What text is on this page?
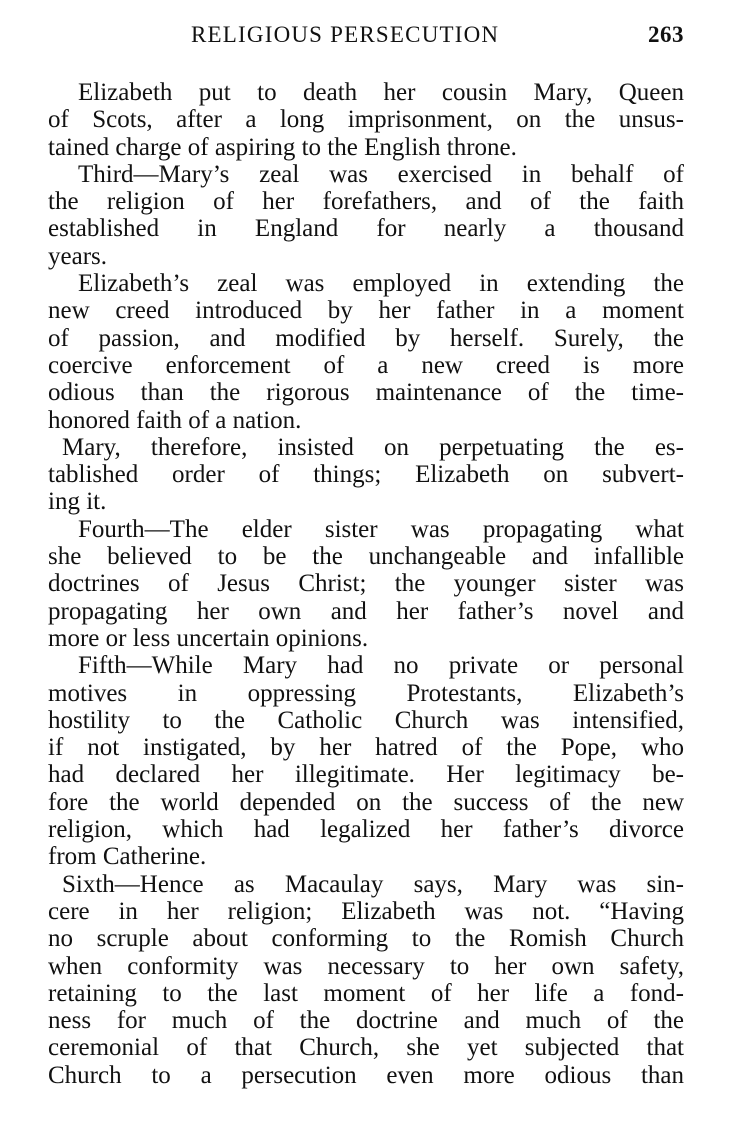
RELIGIOUS PERSECUTION	263
Elizabeth put to death her cousin Mary, Queen
of Scots, after a long imprisonment, on the unsus-
tained charge of aspiring to the English throne.
Third—Mary’s zeal was exercised in behalf of
the religion of her forefathers, and of the faith
established in England for nearly a thousand
years.
Elizabeth’s zeal was employed in extending the
new creed introduced by her father in a moment
of passion, and modified by herself. Surely, the
coercive enforcement of a new creed is more
odious than the rigorous maintenance of the time-
honored faith of a nation.
Mary, therefore, insisted on perpetuating the es-
tablished order of things; Elizabeth on subvert-
ing it.
Fourth—The elder sister was propagating what
she believed to be the unchangeable and infallible
doctrines of Jesus Christ; the younger sister was
propagating her own and her father’s novel and
more or less uncertain opinions.
Fifth—While Mary had no private or personal
motives in oppressing Protestants, Elizabeth’s
hostility to the Catholic Church was intensified,
if not instigated, by her hatred of the Pope, who
had declared her illegitimate. Her legitimacy be-
fore the world depended on the success of the new
religion, which had legalized her father’s divorce
from Catherine.
Sixth—Hence as Macaulay says, Mary was sin-
cere in her religion; Elizabeth was not. “Having
no scruple about conforming to the Romish Church
when conformity was necessary to her own safety,
retaining to the last moment of her life a fond-
ness for much of the doctrine and much of the
ceremonial of that Church, she yet subjected that
Church to a persecution even more odious than
